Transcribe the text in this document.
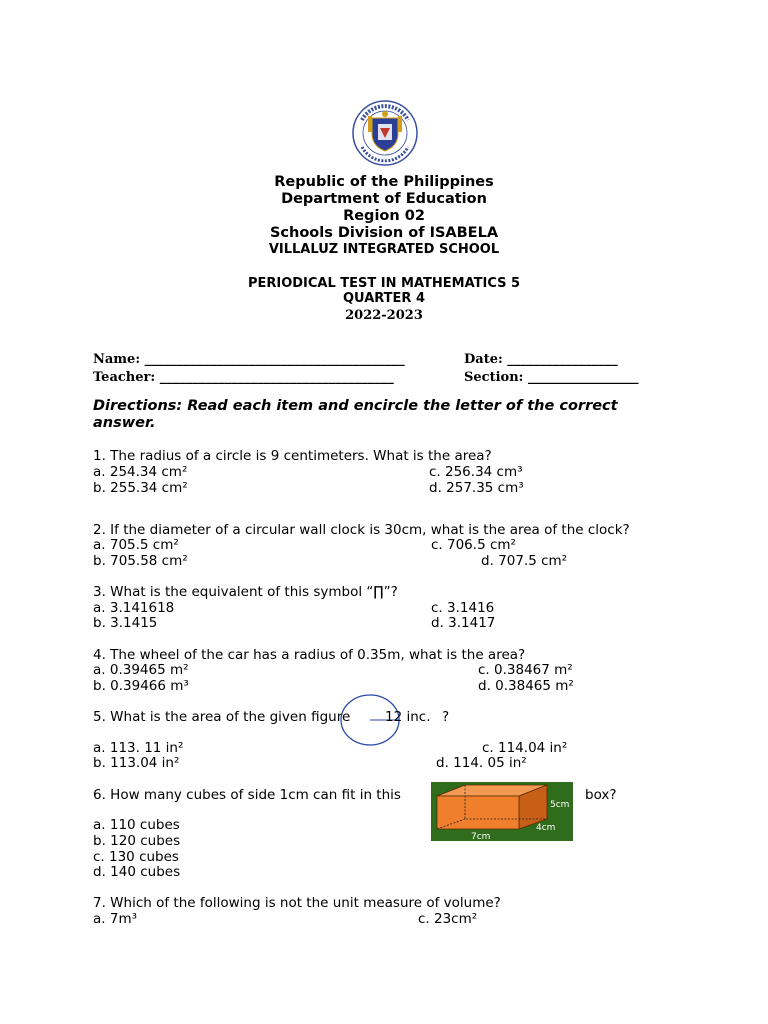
Republic of the Philippines
Department of Education
Region 02
Schools Division of ISABELA
VILLALUZ INTEGRATED SCHOOL
PERIODICAL TEST IN MATHEMATICS 5
QUARTER 4
2022-2023
Name: ________________________________________	Date: _________________
Teacher: ____________________________________	Section: _________________
Directions: Read each item and encircle the letter of the correct answer.
1. The radius of a circle is 9 centimeters. What is the area?
a. 254.34 cm²	c. 256.34 cm³
b. 255.34 cm²	d. 257.35 cm³
2. If the diameter of a circular wall clock is 30cm, what is the area of the clock?
a. 705.5 cm²	c. 706.5 cm²
b. 705.58 cm²	d. 707.5 cm²
3. What is the equivalent of this symbol “∏”?
a. 3.141618	c. 3.1416
b. 3.1415	d. 3.1417
4. The wheel of the car has a radius of 0.35m, what is the area?
a. 0.39465 m²	c. 0.38467 m²
b. 0.39466 m³	d. 0.38465 m²
5. What is the area of the given figure	12 inc. ?
a. 113. 11 in²	c. 114.04 in²
b. 113.04 in²	d. 114. 05 in²
6. How many cubes of side 1cm can fit in this
5cm
4cm
7cm
box?
a. 110 cubes
b. 120 cubes
c. 130 cubes
d. 140 cubes
7. Which of the following is not the unit measure of volume?
a. 7m³	c. 23cm²
